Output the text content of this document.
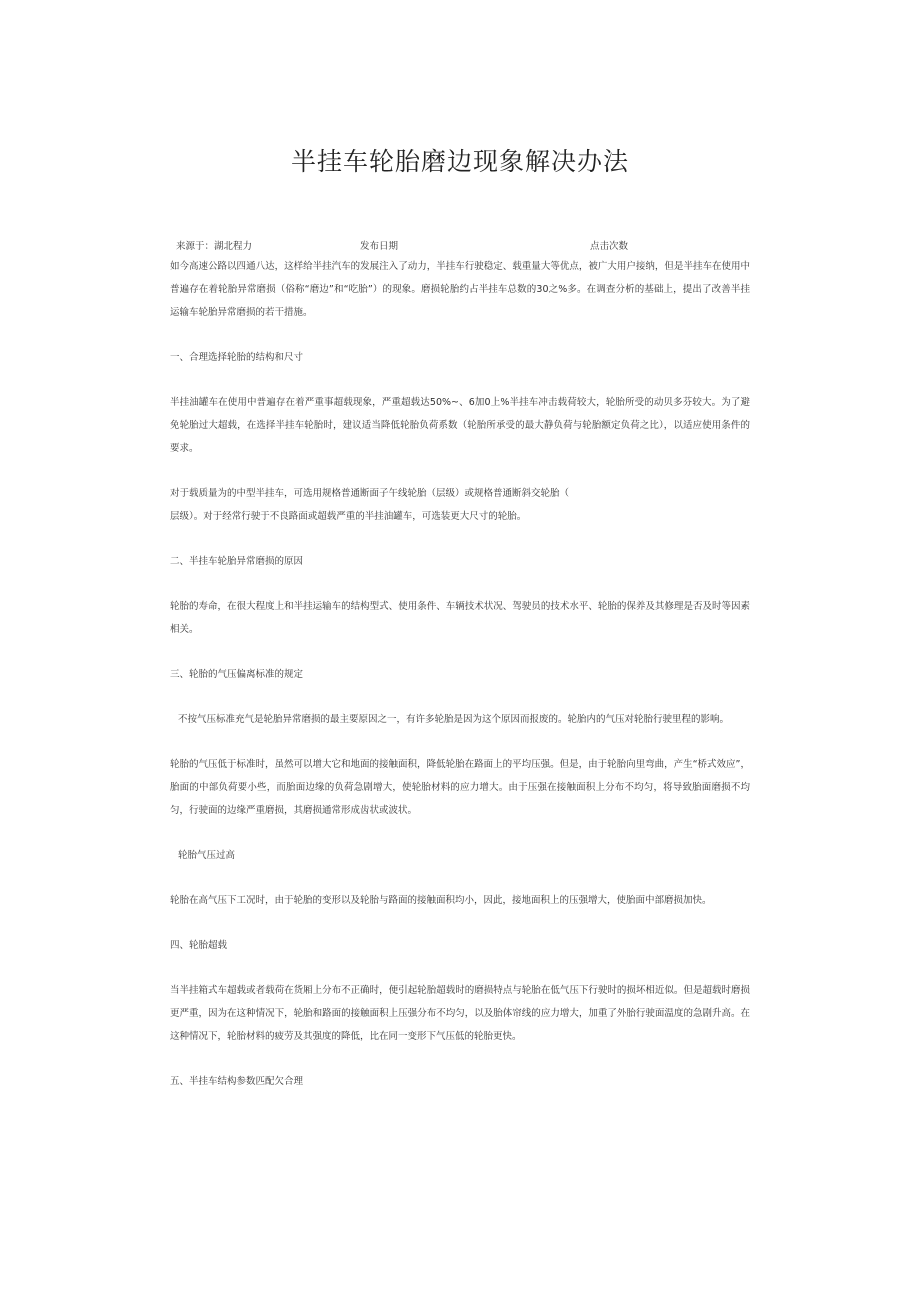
半挂车轮胎磨边现象解决办法
来源于：湖北程力	发布日期	点击次数

如今高速公路以四通八达，这样给半挂汽车的发展注入了动力，半挂车行驶稳定、载重量大等优点，被广大用户接纳，但是半挂车在使用中普遍存在着轮胎异常磨损（俗称“磨边”和“吃胎”）的现象。磨损轮胎约占半挂车总数的30之%多。在调查分析的基础上，提出了改善半挂运输车轮胎异常磨损的若干措施。

一、合理选择轮胎的结构和尺寸

半挂油罐车在使用中普遍存在着严重事超载现象，严重超载达50%~、6加0上%半挂车冲击载荷较大，轮胎所受的动贝多芬较大。为了避免轮胎过大超载，在选择半挂车轮胎时，建议适当降低轮胎负荷系数（轮胎所承受的最大静负荷与轮胎额定负荷之比），以适应使用条件的要求。

对于载质量为的中型半挂车，可选用规格普通断面子午线轮胎（层级）或规格普通断斜交轮胎（

层级）。对于经常行驶于不良路面或超载严重的半挂油罐车，可选装更大尺寸的轮胎。

二、半挂车轮胎异常磨损的原因

轮胎的寿命，在很大程度上和半挂运输车的结构型式、使用条件、车辆技术状况、驾驶员的技术水平、轮胎的保养及其修理是否及时等因素相关。

三、轮胎的气压偏离标准的规定

不按气压标准充气是轮胎异常磨损的最主要原因之一，有许多轮胎是因为这个原因而报废的。轮胎内的气压对轮胎行驶里程的影响。

轮胎的气压低于标准时，虽然可以增大它和地面的接触面积，降低轮胎在路面上的平均压强。但是，由于轮胎向里弯曲，产生“桥式效应”，胎面的中部负荷要小些，而胎面边缘的负荷急剧增大，使轮胎材料的应力增大。由于压强在接触面积上分布不均匀，将导致胎面磨损不均匀，行驶面的边缘严重磨损，其磨损通常形成齿状或波状。

轮胎气压过高

轮胎在高气压下工况时，由于轮胎的变形以及轮胎与路面的接触面积均小，因此，接地面积上的压强增大，使胎面中部磨损加快。

四、轮胎超载

当半挂箱式车超载或者载荷在货厢上分布不正确时，便引起轮胎超载时的磨损特点与轮胎在低气压下行驶时的损坏相近似。但是超载时磨损更严重，因为在这种情况下，轮胎和路面的接触面积上压强分布不均匀，以及胎体帘线的应力增大，加重了外胎行驶面温度的急剧升高。在这种情况下，轮胎材料的疲劳及其强度的降低，比在同一变形下气压低的轮胎更快。

五、半挂车结构参数匹配欠合理
